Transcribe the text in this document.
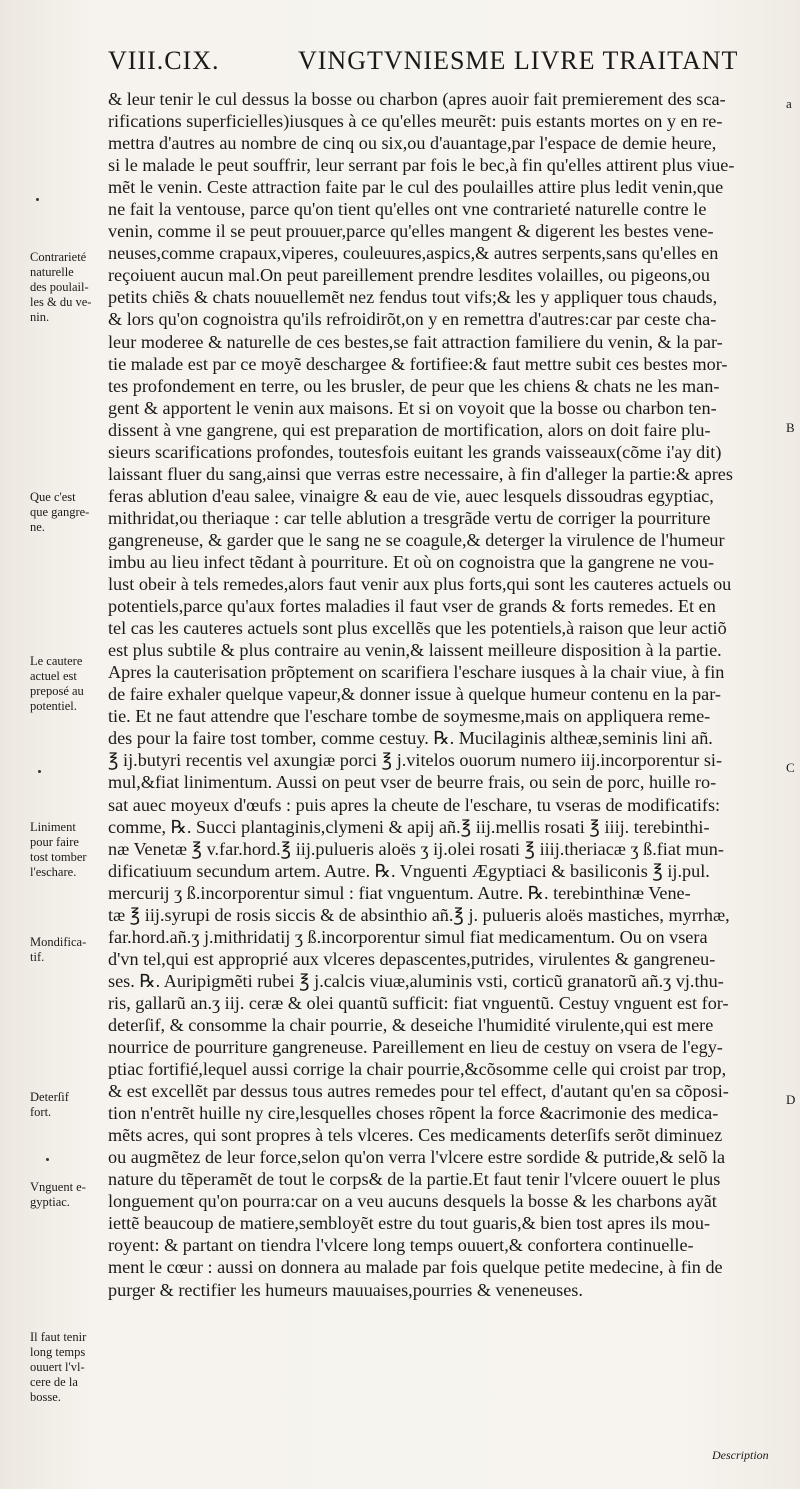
VIII.CIX.	VINGTVNIESME LIVRE TRAITANT
& leur tenir le cul dessus la bosse ou charbon (apres auoir fait premierement des sca-
rifications superficielles)iusques à ce qu'elles meurẽt: puis estants mortes on y en re-
mettra d'autres au nombre de cinq ou six,ou d'auantage,par l'espace de demie heure,
si le malade le peut souffrir, leur serrant par fois le bec,à fin qu'elles attirent plus viue-
mẽt le venin. Ceste attraction faite par le cul des poulailles attire plus ledit venin,que
ne fait la ventouse, parce qu'on tient qu'elles ont vne contrarieté naturelle contre le
venin, comme il se peut prouuer,parce qu'elles mangent & digerent les bestes vene-
neuses,comme crapaux,viperes, couleuures,aspics,& autres serpents,sans qu'elles en
reçoiuent aucun mal.On peut pareillement prendre lesdites volailles, ou pigeons,ou
petits chiẽs & chats nouuellemẽt nez fendus tout vifs;& les y appliquer tous chauds,
& lors qu'on cognoistra qu'ils refroidirõt,on y en remettra d'autres:car par ceste cha-
leur moderee & naturelle de ces bestes,se fait attraction familiere du venin, & la par-
tie malade est par ce moyẽ deschargee & fortifiee:& faut mettre subit ces bestes mor-
tes profondement en terre, ou les brusler, de peur que les chiens & chats ne les man-
gent & apportent le venin aux maisons. Et si on voyoit que la bosse ou charbon ten-
dissent à vne gangrene, qui est preparation de mortification, alors on doit faire plu-
sieurs scarifications profondes, toutesfois euitant les grands vaisseaux(cõme i'ay dit)
laissant fluer du sang,ainsi que verras estre necessaire, à fin d'alleger la partie:& apres
feras ablution d'eau salee, vinaigre & eau de vie, auec lesquels dissoudras egyptiac,
mithridat,ou theriaque : car telle ablution a tresgrãde vertu de corriger la pourriture
gangreneuse, & garder que le sang ne se coagule,& deterger la virulence de l'humeur
imbu au lieu infect tẽdant à pourriture. Et où on cognoistra que la gangrene ne vou-
lust obeir à tels remedes,alors faut venir aux plus forts,qui sont les cauteres actuels ou
potentiels,parce qu'aux fortes maladies il faut vser de grands & forts remedes. Et en
tel cas les cauteres actuels sont plus excellẽs que les potentiels,à raison que leur actiõ
est plus subtile & plus contraire au venin,& laissent meilleure disposition à la partie.
Apres la cauterisation prõptement on scarifiera l'eschare iusques à la chair viue, à fin
de faire exhaler quelque vapeur,& donner issue à quelque humeur contenu en la par-
tie. Et ne faut attendre que l'eschare tombe de soymesme,mais on appliquera reme-
des pour la faire tost tomber, comme cestuy. ℞. Mucilaginis altheæ,seminis lini añ.
℥ ij.butyri recentis vel axungiæ porci ℥ j.vitelos ouorum numero iij.incorporentur si-
mul,&fiat linimentum. Aussi on peut vser de beurre frais, ou sein de porc, huille ro-
sat auec moyeux d'œufs : puis apres la cheute de l'eschare, tu vseras de modificatifs:
comme, ℞. Succi plantaginis,clymeni & apij añ.℥ iij.mellis rosati ℥ iiij. terebinthi-
næ Venetæ ℥ v.far.hord.℥ iij.pulueris aloës ʒ ij.olei rosati ℥ iiij.theriacæ ʒ ß.fiat mun-
dificatiuum secundum artem. Autre. ℞. Vnguenti Ægyptiaci & basiliconis ℥ ij.pul.
mercurij ʒ ß.incorporentur simul : fiat vnguentum. Autre. ℞. terebinthinæ Vene-
tæ ℥ iij.syrupi de rosis siccis & de absinthio añ.℥ j. pulueris aloës mastiches, myrrhæ,
far.hord.añ.ʒ j.mithridatij ʒ ß.incorporentur simul fiat medicamentum. Ou on vsera
d'vn tel,qui est approprié aux vlceres depascentes,putrides, virulentes & gangreneu-
ses. ℞. Auripigmẽti rubei ℥ j.calcis viuæ,aluminis vsti, corticũ granatorũ añ.ʒ vj.thu-
ris, gallarũ an.ʒ iij. ceræ & olei quantũ sufficit: fiat vnguentũ. Cestuy vnguent est for-
deterſif, & consomme la chair pourrie, & deseiche l'humidité virulente,qui est mere
nourrice de pourriture gangreneuse. Pareillement en lieu de cestuy on vsera de l'egy-
ptiac fortifié,lequel aussi corrige la chair pourrie,&cõsomme celle qui croist par trop,
& est excellẽt par dessus tous autres remedes pour tel effect, d'autant qu'en sa cõposi-
tion n'entrẽt huille ny cire,lesquelles choses rõpent la force &acrimonie des medica-
mẽts acres, qui sont propres à tels vlceres. Ces medicaments deterſifs serõt diminuez
ou augmẽtez de leur force,selon qu'on verra l'vlcere estre sordide & putride,& selõ la
nature du tẽperamẽt de tout le corps& de la partie.Et faut tenir l'vlcere ouuert le plus
longuement qu'on pourra:car on a veu aucuns desquels la bosse & les charbons ayãt
iettẽ beaucoup de matiere,sembloyẽt estre du tout guaris,& bien tost apres ils mou-
royent: & partant on tiendra l'vlcere long temps ouuert,& confortera continuelle-
ment le cœur : aussi on donnera au malade par fois quelque petite medecine, à fin de
purger & rectifier les humeurs mauuaises,pourries & veneneuses.
Contrarieté
naturelle
des poulail-
les & du ve-
nin.
Que c'est
que gangre-
ne.
Le cautere
actuel est
preposé au
potentiel.
Liniment
pour faire
tost tomber
l'eschare.
Mondifica-
tif.
Deterſif
fort.
Vnguent e-
gyptiac.
Il faut tenir
long temps
ouuert l'vl-
cere de la
bosse.
a
B
C
D
Description
